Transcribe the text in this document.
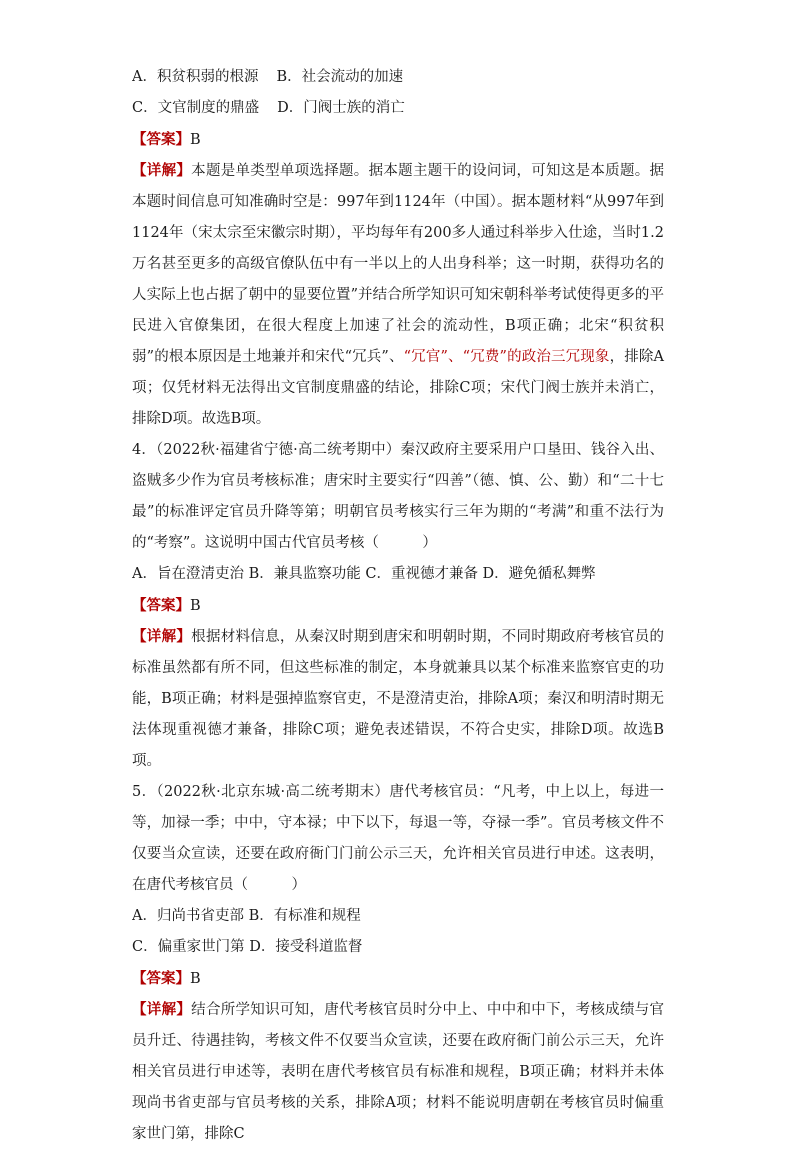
A．积贫积弱的根源 B．社会流动的加速
C．文官制度的鼎盛 D．门阀士族的消亡
【答案】B
【详解】本题是单类型单项选择题。据本题主题干的设问词，可知这是本质题。据本题时间信息可知准确时空是：997年到1124年（中国）。据本题材料“从997年到1124年（宋太宗至宋徽宗时期），平均每年有200多人通过科举步入仕途，当时1.2万名甚至更多的高级官僚队伍中有一半以上的人出身科举；这一时期，获得功名的人实际上也占据了朝中的显要位置”并结合所学知识可知宋朝科举考试使得更多的平民进入官僚集团，在很大程度上加速了社会的流动性，B项正确；北宋“积贫积弱”的根本原因是土地兼并和宋代“冗兵”、“冗官”、“冗费”的政治三冗现象，排除A项；仅凭材料无法得出文官制度鼎盛的结论，排除C项；宋代门阀士族并未消亡，排除D项。故选B项。
4．（2022秋·福建省宁德·高二统考期中）秦汉政府主要采用户口垦田、钱谷入出、盗贼多少作为官员考核标准；唐宋时主要实行“四善”（德、慎、公、勤）和“二十七最”的标准评定官员升降等第；明朝官员考核实行三年为期的“考满”和重不法行为的“考察”。这说明中国古代官员考核（　　　）
A．旨在澄清吏治 B．兼具监察功能 C．重视德才兼备 D．避免循私舞弊
【答案】B
【详解】根据材料信息，从秦汉时期到唐宋和明朝时期，不同时期政府考核官员的标准虽然都有所不同，但这些标准的制定，本身就兼具以某个标准来监察官吏的功能，B项正确；材料是强掉监察官吏，不是澄清吏治，排除A项；秦汉和明清时期无法体现重视德才兼备，排除C项；避免表述错误，不符合史实，排除D项。故选B项。
5．（2022秋·北京东城·高二统考期末）唐代考核官员：“凡考，中上以上，每进一等，加禄一季；中中，守本禄；中下以下，每退一等，夺禄一季”。官员考核文件不仅要当众宣读，还要在政府衙门门前公示三天，允许相关官员进行申述。这表明，在唐代考核官员（　　　）
A．归尚书省吏部 B．有标准和规程
C．偏重家世门第 D．接受科道监督
【答案】B
【详解】结合所学知识可知，唐代考核官员时分中上、中中和中下，考核成绩与官员升迁、待遇挂钩，考核文件不仅要当众宣读，还要在政府衙门前公示三天，允许相关官员进行申述等，表明在唐代考核官员有标准和规程，B项正确；材料并未体现尚书省吏部与官员考核的关系，排除A项；材料不能说明唐朝在考核官员时偏重家世门第，排除C
